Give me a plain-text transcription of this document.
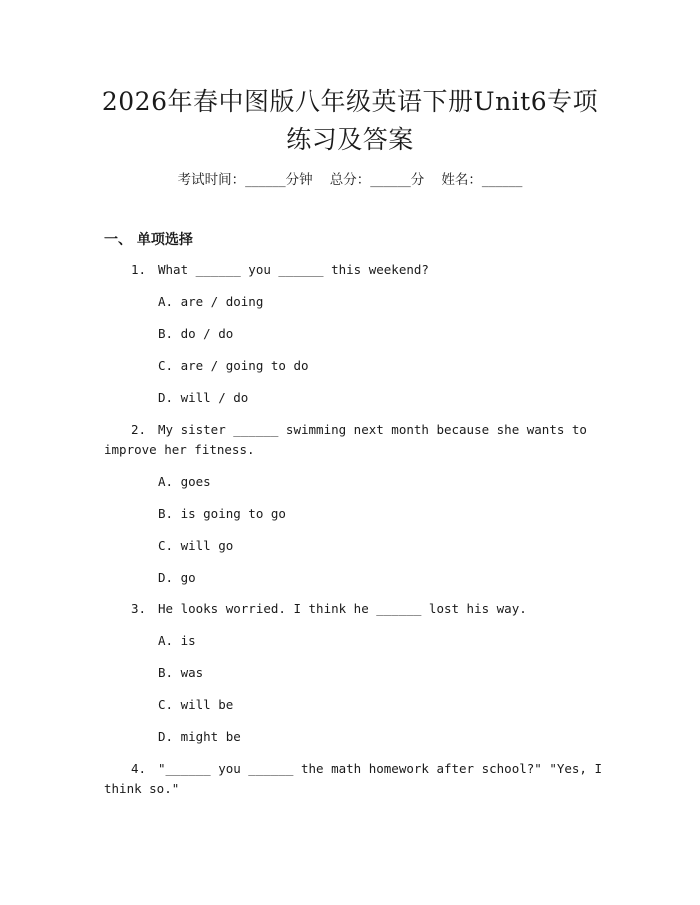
2026年春中图版八年级英语下册Unit6专项
练习及答案
考试时间：______分钟    总分：______分    姓名：______
一、 单项选择
1. What ______ you ______ this weekend?
A. are / doing
B. do / do
C. are / going to do
D. will / do
2. My sister ______ swimming next month because she wants to
improve her fitness.
A. goes
B. is going to go
C. will go
D. go
3. He looks worried. I think he ______ lost his way.
A. is
B. was
C. will be
D. might be
4. "______ you ______ the math homework after school?" "Yes, I
think so."
